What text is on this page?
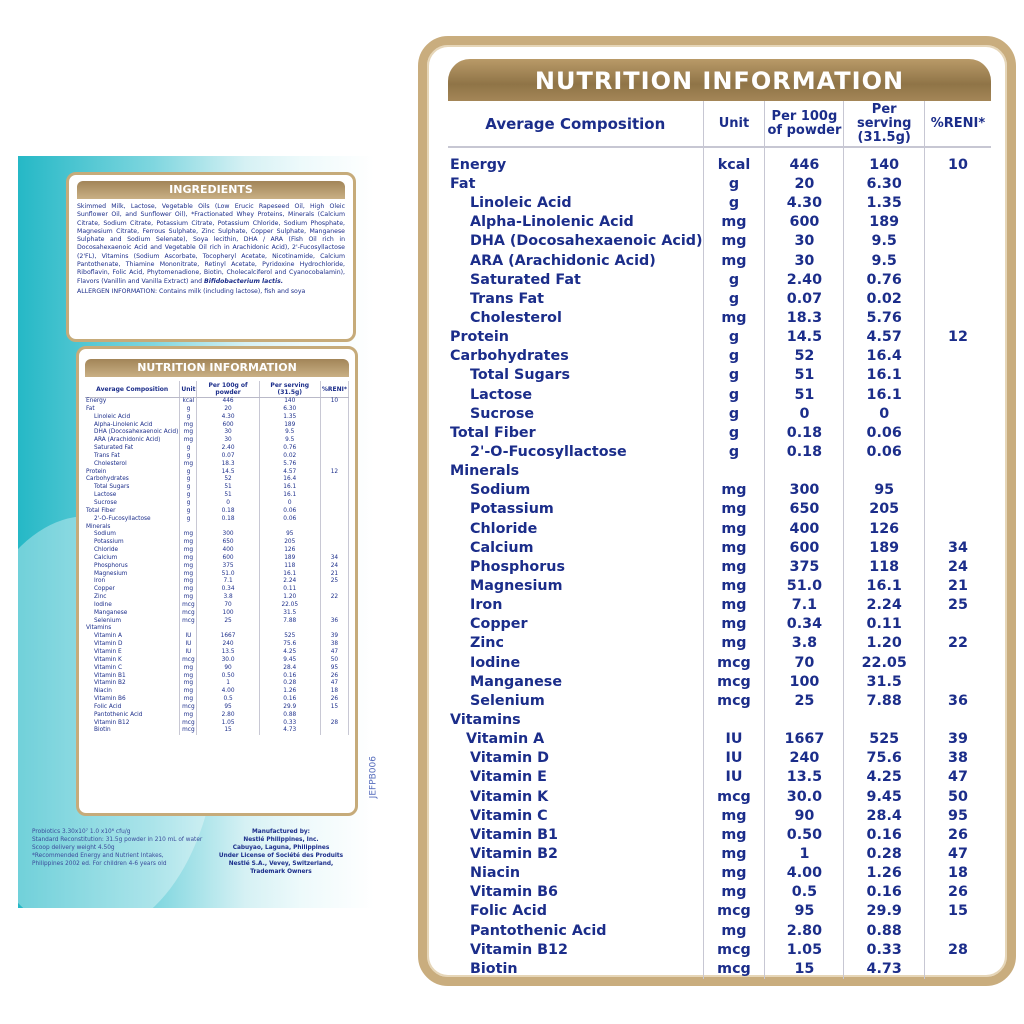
INGREDIENTS
Skimmed Milk, Lactose, Vegetable Oils (Low Erucic Rapeseed Oil, High Oleic Sunflower Oil, and Sunflower Oil), *Fractionated Whey Proteins, Minerals (Calcium Citrate, Sodium Citrate, Potassium Citrate, Potassium Chloride, Sodium Phosphate, Magnesium Citrate, Ferrous Sulphate, Zinc Sulphate, Copper Sulphate, Manganese Sulphate and Sodium Selenate), Soya lecithin, DHA / ARA (Fish Oil rich in Docosahexaenoic Acid and Vegetable Oil rich in Arachidonic Acid), 2'-Fucosyllactose (2'FL), Vitamins (Sodium Ascorbate, Tocopheryl Acetate, Nicotinamide, Calcium Pantothenate, Thiamine Mononitrate, Retinyl Acetate, Pyridoxine Hydrochloride, Riboflavin, Folic Acid, Phytomenadione, Biotin, Cholecalciferol and Cyanocobalamin), Flavors (Vanillin and Vanilla Extract) and Bifidobacterium lactis.
ALLERGEN INFORMATION: Contains milk (including lactose), fish and soya
NUTRITION INFORMATION
Average Composition	Unit	Per 100g of powder	Per serving (31.5g)	%RENI*
Energy	kcal	446	140	10
Fat	g	20	6.30	
Linoleic Acid	g	4.30	1.35	
Alpha-Linolenic Acid	mg	600	189	
DHA (Docosahexaenoic Acid)	mg	30	9.5	
ARA (Arachidonic Acid)	mg	30	9.5	
Saturated Fat	g	2.40	0.76	
Trans Fat	g	0.07	0.02	
Cholesterol	mg	18.3	5.76	
Protein	g	14.5	4.57	12
Carbohydrates	g	52	16.4	
Total Sugars	g	51	16.1	
Lactose	g	51	16.1	
Sucrose	g	0	0	
Total Fiber	g	0.18	0.06	
2'-O-Fucosyllactose	g	0.18	0.06	
Minerals				
Sodium	mg	300	95	
Potassium	mg	650	205	
Chloride	mg	400	126	
Calcium	mg	600	189	34
Phosphorus	mg	375	118	24
Magnesium	mg	51.0	16.1	21
Iron	mg	7.1	2.24	25
Copper	mg	0.34	0.11	
Zinc	mg	3.8	1.20	22
Iodine	mcg	70	22.05	
Manganese	mcg	100	31.5	
Selenium	mcg	25	7.88	36
Vitamins				
Vitamin A	IU	1667	525	39
Vitamin D	IU	240	75.6	38
Vitamin E	IU	13.5	4.25	47
Vitamin K	mcg	30.0	9.45	50
Vitamin C	mg	90	28.4	95
Vitamin B1	mg	0.50	0.16	26
Vitamin B2	mg	1	0.28	47
Niacin	mg	4.00	1.26	18
Vitamin B6	mg	0.5	0.16	26
Folic Acid	mcg	95	29.9	15
Pantothenic Acid	mg	2.80	0.88	
Vitamin B12	mcg	1.05	0.33	28
Biotin	mcg	15	4.73	
Probiotics 3.30x10⁷ 1.0 x10⁶ cfu/g
Standard Reconstitution: 31.5g powder in 210 mL of water
Scoop delivery weight 4.50g
*Recommended Energy and Nutrient Intakes,
Philippines 2002 ed. For children 4-6 years old
Manufactured by:
Nestlé Philippines, Inc.
Cabuyao, Laguna, Philippines
Under License of Société des Produits
Nestlé S.A., Vevey, Switzerland,
Trademark Owners
JEFPB006
NUTRITION INFORMATION
Average Composition	Unit	Per 100g of powder	Per serving (31.5g)	%RENI*
Energy	kcal	446	140	10
Fat	g	20	6.30	
Linoleic Acid	g	4.30	1.35	
Alpha-Linolenic Acid	mg	600	189	
DHA (Docosahexaenoic Acid)	mg	30	9.5	
ARA (Arachidonic Acid)	mg	30	9.5	
Saturated Fat	g	2.40	0.76	
Trans Fat	g	0.07	0.02	
Cholesterol	mg	18.3	5.76	
Protein	g	14.5	4.57	12
Carbohydrates	g	52	16.4	
Total Sugars	g	51	16.1	
Lactose	g	51	16.1	
Sucrose	g	0	0	
Total Fiber	g	0.18	0.06	
2'-O-Fucosyllactose	g	0.18	0.06	
Minerals				
Sodium	mg	300	95	
Potassium	mg	650	205	
Chloride	mg	400	126	
Calcium	mg	600	189	34
Phosphorus	mg	375	118	24
Magnesium	mg	51.0	16.1	21
Iron	mg	7.1	2.24	25
Copper	mg	0.34	0.11	
Zinc	mg	3.8	1.20	22
Iodine	mcg	70	22.05	
Manganese	mcg	100	31.5	
Selenium	mcg	25	7.88	36
Vitamins				
Vitamin A	IU	1667	525	39
Vitamin D	IU	240	75.6	38
Vitamin E	IU	13.5	4.25	47
Vitamin K	mcg	30.0	9.45	50
Vitamin C	mg	90	28.4	95
Vitamin B1	mg	0.50	0.16	26
Vitamin B2	mg	1	0.28	47
Niacin	mg	4.00	1.26	18
Vitamin B6	mg	0.5	0.16	26
Folic Acid	mcg	95	29.9	15
Pantothenic Acid	mg	2.80	0.88	
Vitamin B12	mcg	1.05	0.33	28
Biotin	mcg	15	4.73	
